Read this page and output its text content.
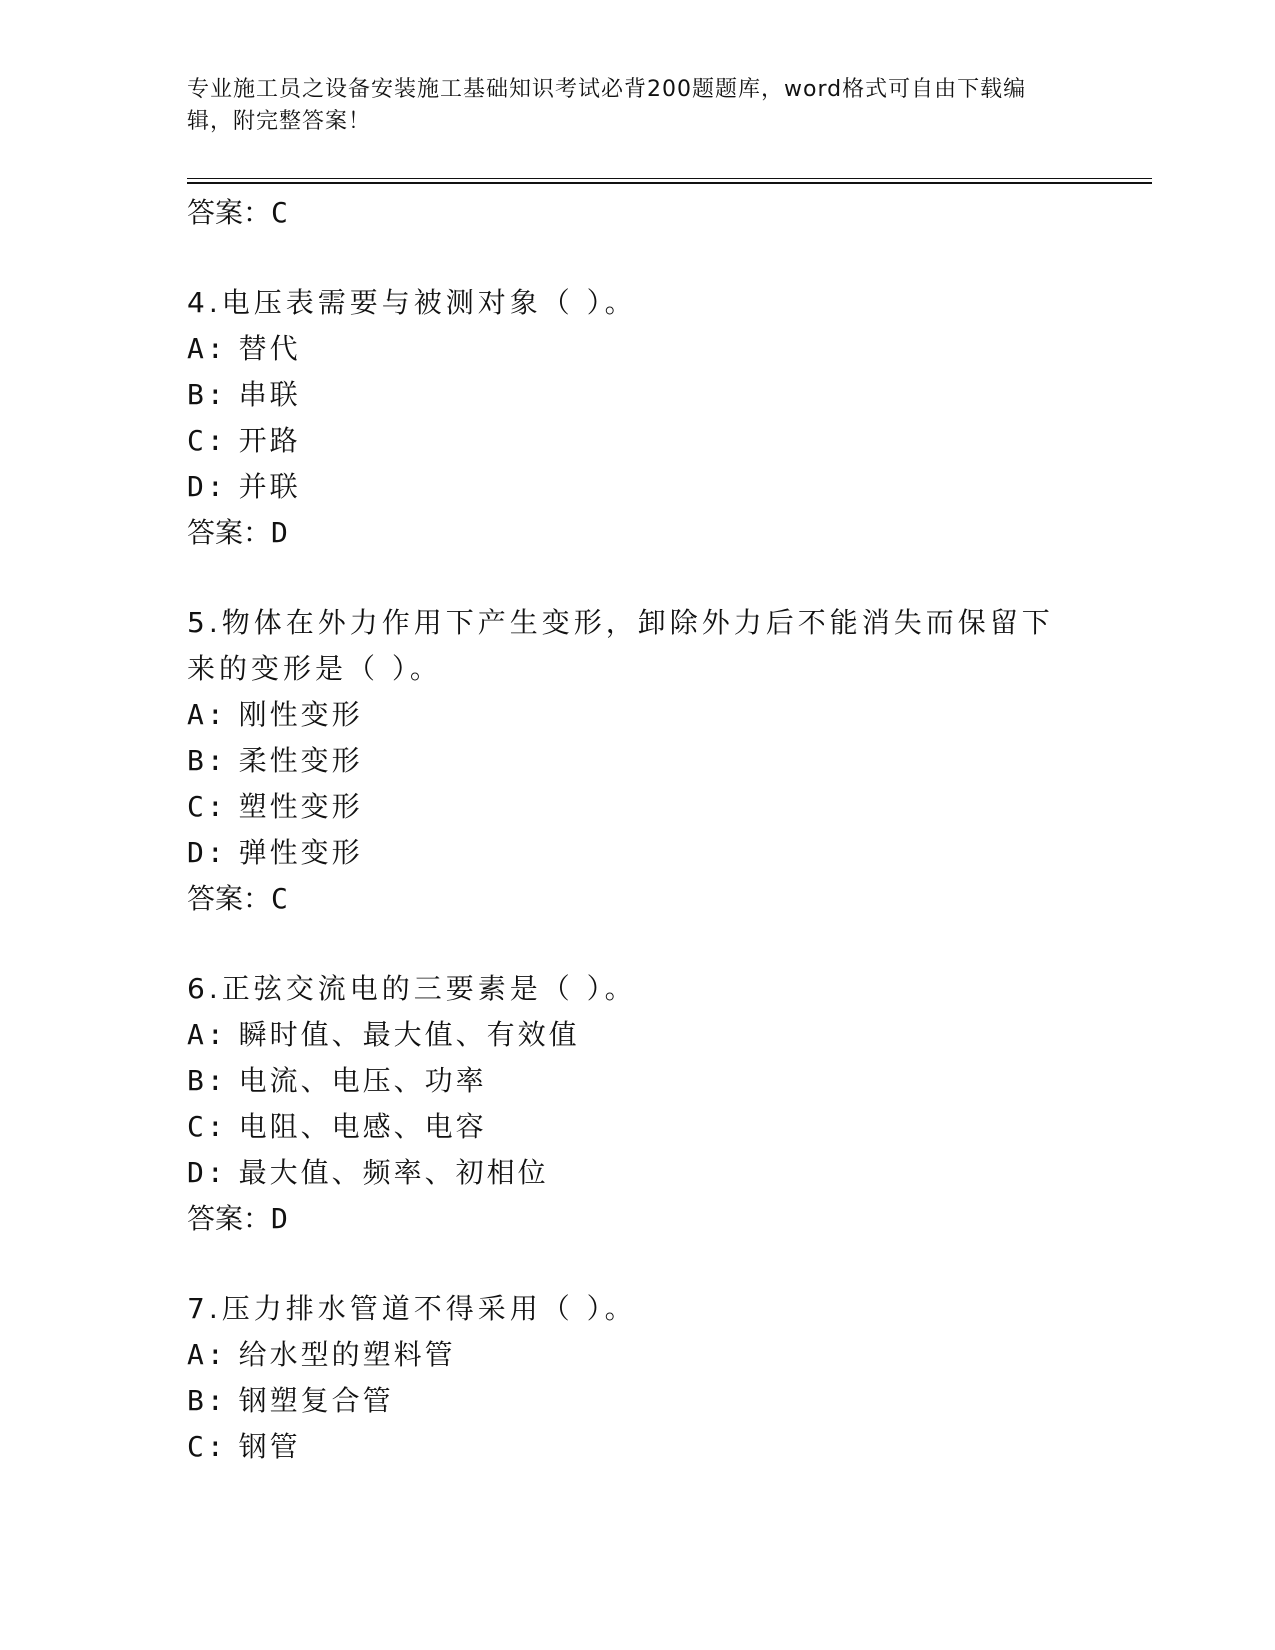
专业施工员之设备安装施工基础知识考试必背200题题库，word格式可自由下载编辑，附完整答案！

答案：C

4.电压表需要与被测对象（ ）。

A: 替代

B: 串联

C: 开路

D: 并联

答案：D

5.物体在外力作用下产生变形，卸除外力后不能消失而保留下来的变形是（ ）。

A: 刚性变形

B: 柔性变形

C: 塑性变形

D: 弹性变形

答案：C

6.正弦交流电的三要素是（ ）。

A: 瞬时值、最大值、有效值

B: 电流、电压、功率

C: 电阻、电感、电容

D: 最大值、频率、初相位

答案：D

7.压力排水管道不得采用（ ）。

A: 给水型的塑料管

B: 钢塑复合管

C: 钢管
